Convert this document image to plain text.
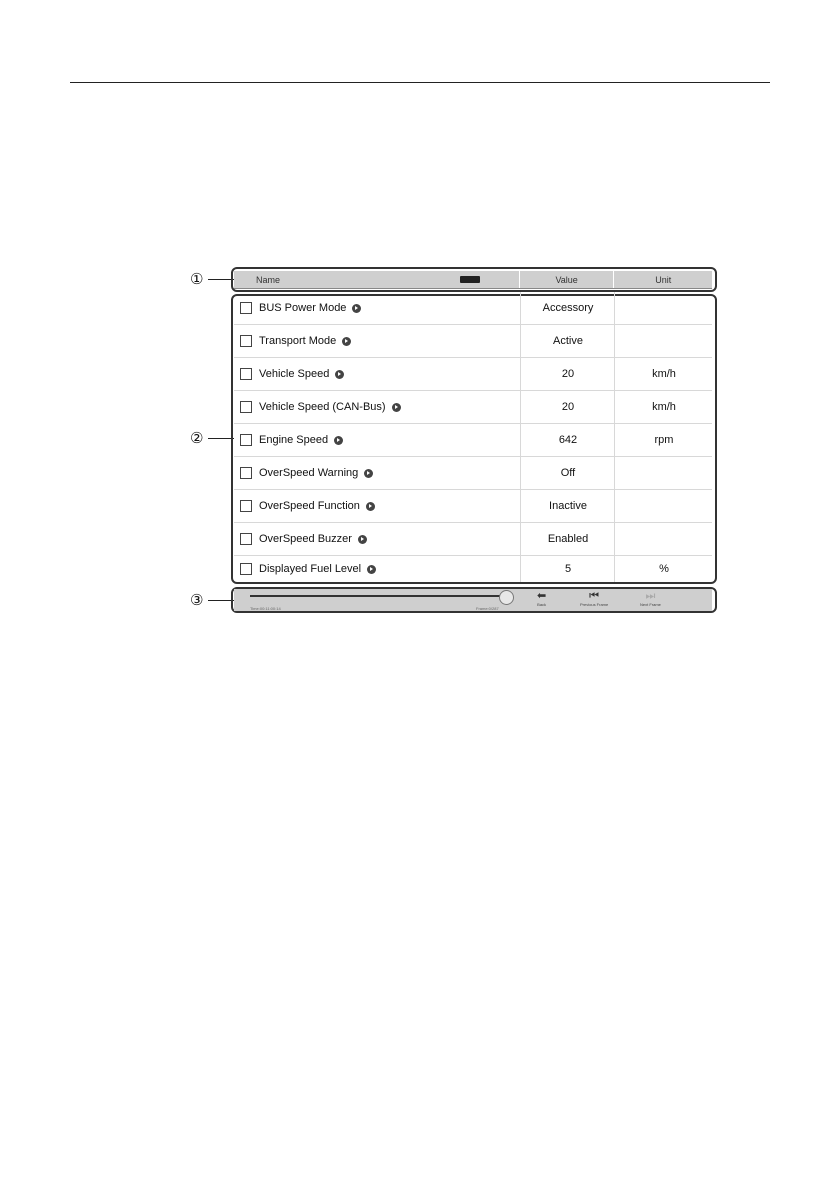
①
②
③
Name	Value	Unit
BUS Power Mode	Accessory
Transport Mode	Active
Vehicle Speed	20	km/h
Vehicle Speed (CAN-Bus)	20	km/h
Engine Speed	642	rpm
OverSpeed Warning	Off
OverSpeed Function	Inactive
OverSpeed Buzzer	Enabled
Displayed Fuel Level	5	%
Time:00:11:00:14	Frame:0/287
⬅
Back
⏮
Previous Frame
⏭
Next Frame
